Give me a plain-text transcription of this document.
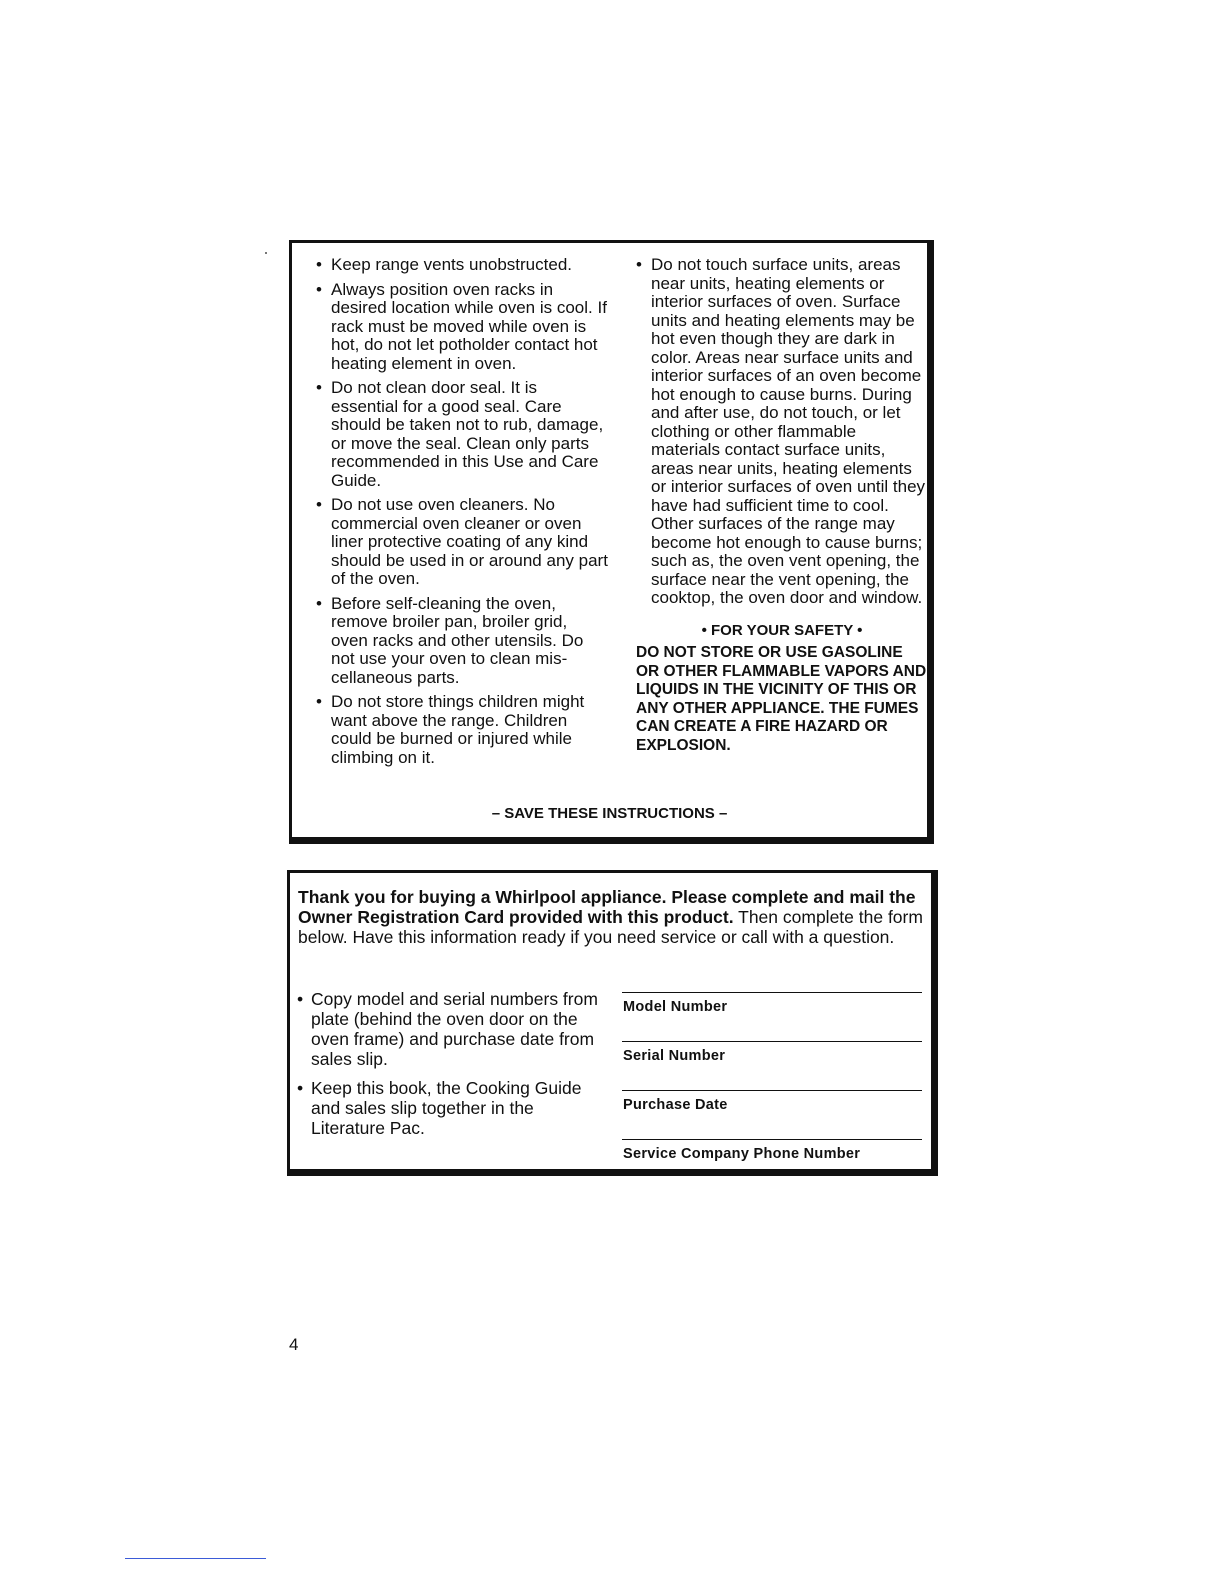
• Keep range vents unobstructed.
• Always position oven racks in desired location while oven is cool. If rack must be moved while oven is hot, do not let potholder contact hot heating element in oven.
• Do not clean door seal. It is essential for a good seal. Care should be taken not to rub, damage, or move the seal. Clean only parts recommended in this Use and Care Guide.
• Do not use oven cleaners. No commercial oven cleaner or oven liner protective coating of any kind should be used in or around any part of the oven.
• Before self-cleaning the oven, remove broiler pan, broiler grid, oven racks and other utensils. Do not use your oven to clean mis-cellaneous parts.
• Do not store things children might want above the range. Children could be burned or injured while climbing on it.
• Do not touch surface units, areas near units, heating elements or interior surfaces of oven. Surface units and heating elements may be hot even though they are dark in color. Areas near surface units and interior surfaces of an oven become hot enough to cause burns. During and after use, do not touch, or let clothing or other flammable materials contact surface units, areas near units, heating elements or interior surfaces of oven until they have had sufficient time to cool. Other surfaces of the range may become hot enough to cause burns; such as, the oven vent opening, the surface near the vent opening, the cooktop, the oven door and window.
• FOR YOUR SAFETY •
DO NOT STORE OR USE GASOLINE OR OTHER FLAMMABLE VAPORS AND LIQUIDS IN THE VICINITY OF THIS OR ANY OTHER APPLIANCE. THE FUMES CAN CREATE A FIRE HAZARD OR EXPLOSION.
– SAVE THESE INSTRUCTIONS –
Thank you for buying a Whirlpool appliance. Please complete and mail the Owner Registration Card provided with this product. Then complete the form below. Have this information ready if you need service or call with a question.
• Copy model and serial numbers from plate (behind the oven door on the oven frame) and purchase date from sales slip.
• Keep this book, the Cooking Guide and sales slip together in the Literature Pac.
Model Number
Serial Number
Purchase Date
Service Company Phone Number
4
